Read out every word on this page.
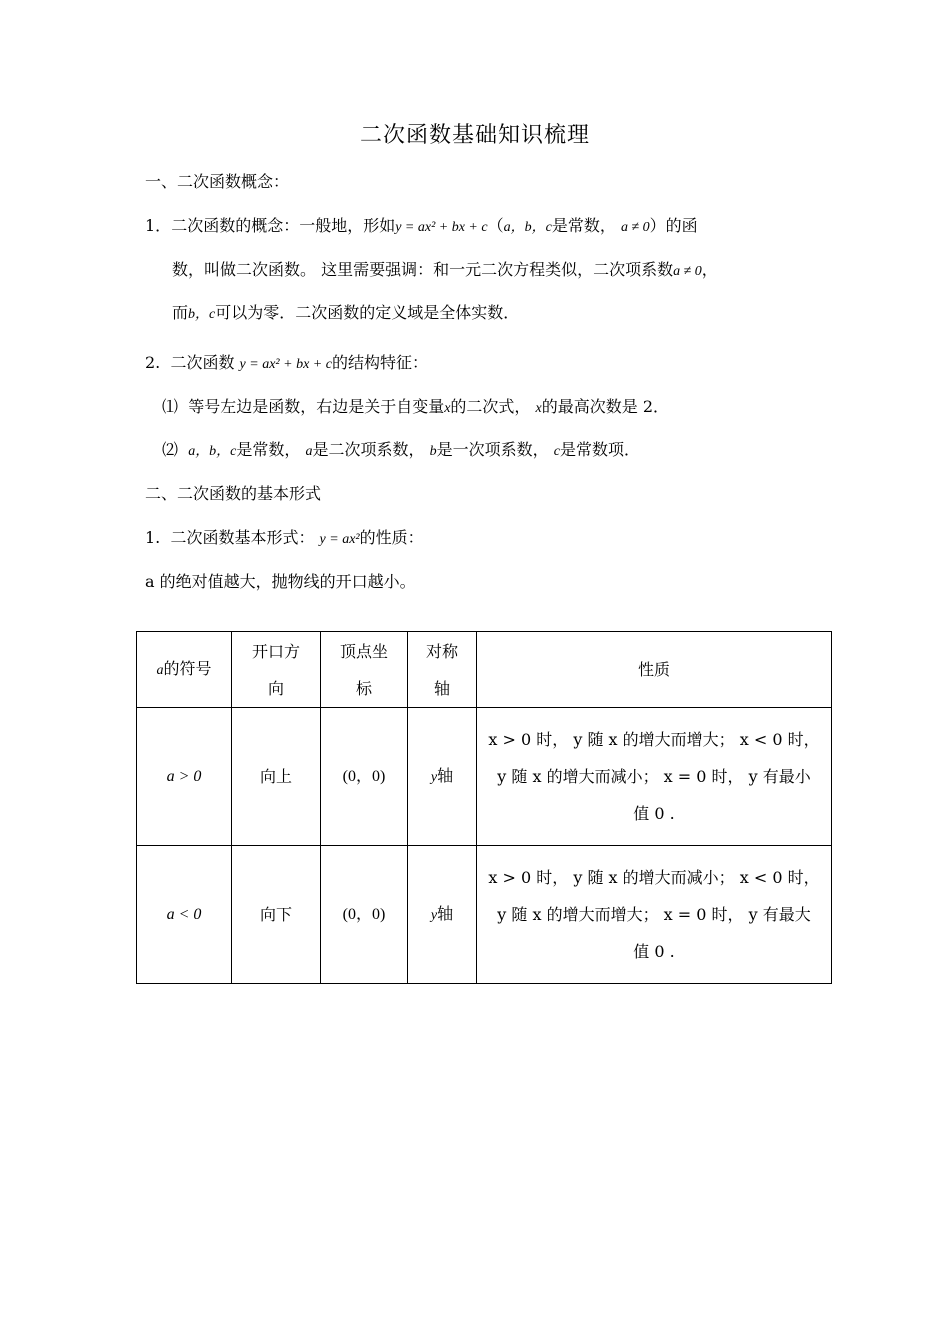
二次函数基础知识梳理
一、二次函数概念：
1．二次函数的概念：一般地，形如y = ax² + bx + c（a，b，c是常数， a ≠ 0）的函
数，叫做二次函数。 这里需要强调：和一元二次方程类似，二次项系数a ≠ 0，
而b，c可以为零．二次函数的定义域是全体实数．
2. 二次函数 y = ax² + bx + c的结构特征：
⑴ 等号左边是函数，右边是关于自变量x的二次式， x的最高次数是 2．
⑵ a，b，c是常数， a是二次项系数， b是一次项系数， c是常数项．
二、二次函数的基本形式
1. 二次函数基本形式： y = ax²的性质：
a 的绝对值越大，抛物线的开口越小。
a的符号	开口方向	顶点坐标	对称轴	性质
a > 0	向上	(0，0)	y轴	x > 0 时， y 随 x 的增大而增大； x < 0 时，
y 随 x 的增大而减小； x = 0 时， y 有最小
值 0 .

a < 0	向下	(0，0)	y轴	x > 0 时， y 随 x 的增大而减小； x < 0 时，
y 随 x 的增大而增大； x = 0 时， y 有最大
值 0 .
